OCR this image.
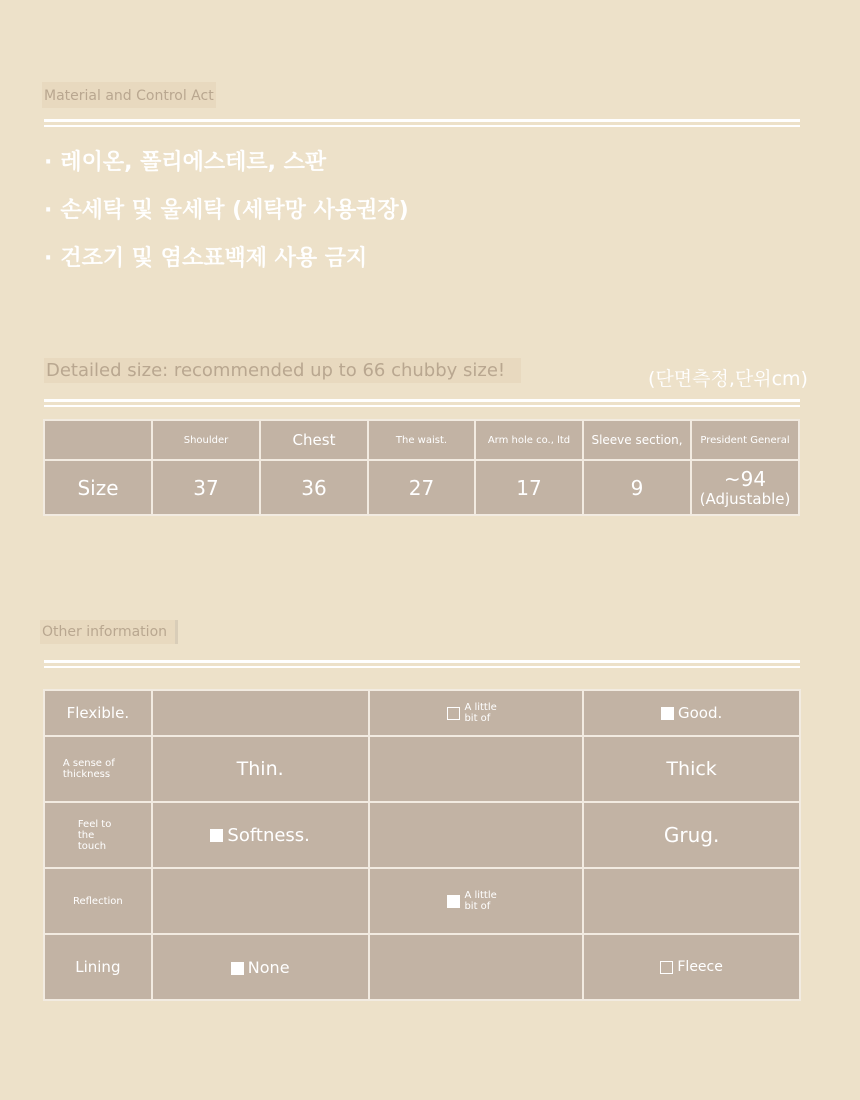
Material and Control Act
· 레이온, 폴리에스테르, 스판
· 손세탁 및 울세탁 (세탁망 사용권장)
· 건조기 및 염소표백제 사용 금지
Detailed size: recommended up to 66 chubby size!	(단면측정,단위cm)
	Shoulder	Chest	The waist.	Arm hole co., ltd	Sleeve section,	President General
Size	37	36	27	17	9	~94
(Adjustable)
Other information
Flexible.		A little bit of	Good.
A sense of thickness	Thin.		Thick
Feel to the touch	Softness.		Grug.
Reflection		A little bit of	
Lining	None		Fleece
